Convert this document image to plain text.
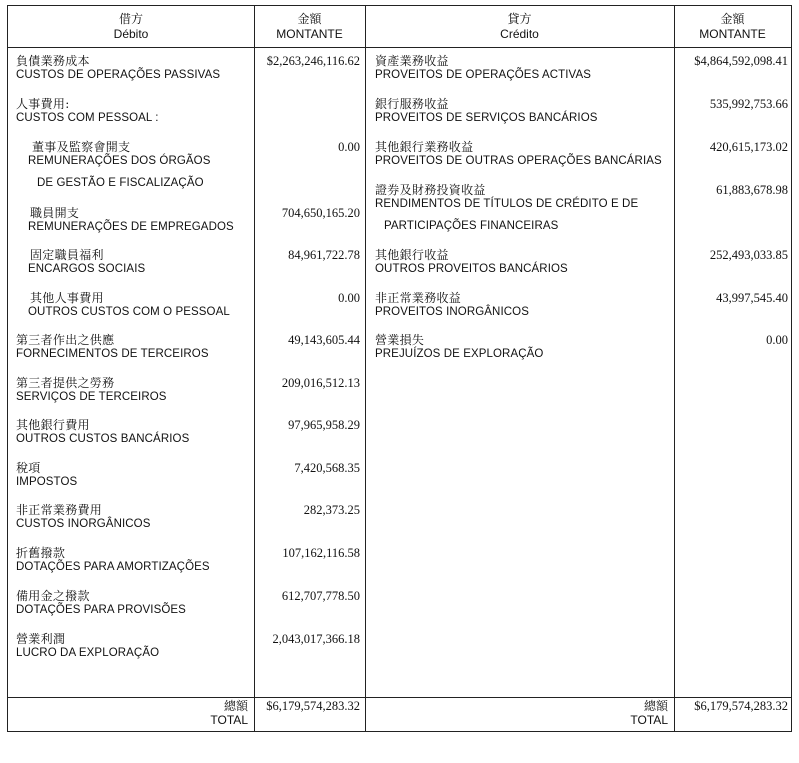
借方
Débito
金額
MONTANTE
貸方
Crédito
金額
MONTANTE
負債業務成本
CUSTOS DE OPERAÇÕES PASSIVAS
人事費用:
CUSTOS COM PESSOAL :
董事及監察會開支
REMUNERAÇÕES DOS ÓRGÃOS
DE GESTÃO E FISCALIZAÇÃO
職員開支
REMUNERAÇÕES DE EMPREGADOS
固定職員福利
ENCARGOS SOCIAIS
其他人事費用
OUTROS CUSTOS COM O PESSOAL
第三者作出之供應
FORNECIMENTOS DE TERCEIROS
第三者提供之勞務
SERVIÇOS DE TERCEIROS
其他銀行費用
OUTROS CUSTOS BANCÁRIOS
稅項
IMPOSTOS
非正常業務費用
CUSTOS INORGÂNICOS
折舊撥款
DOTAÇÕES PARA AMORTIZAÇÕES
備用金之撥款
DOTAÇÕES PARA PROVISÕES
營業利潤
LUCRO DA EXPLORAÇÃO
$2,263,246,116.62
0.00
704,650,165.20
84,961,722.78
0.00
49,143,605.44
209,016,512.13
97,965,958.29
7,420,568.35
282,373.25
107,162,116.58
612,707,778.50
2,043,017,366.18
資產業務收益
PROVEITOS DE OPERAÇÕES ACTIVAS
銀行服務收益
PROVEITOS DE SERVIÇOS BANCÁRIOS
其他銀行業務收益
PROVEITOS DE OUTRAS OPERAÇÕES BANCÁRIAS
證券及財務投資收益
RENDIMENTOS DE TÍTULOS DE CRÉDITO E DE
PARTICIPAÇÕES FINANCEIRAS
其他銀行收益
OUTROS PROVEITOS BANCÁRIOS
非正常業務收益
PROVEITOS INORGÂNICOS
營業損失
PREJUÍZOS DE EXPLORAÇÃO
$4,864,592,098.41
535,992,753.66
420,615,173.02
61,883,678.98
252,493,033.85
43,997,545.40
0.00
總額
TOTAL
$6,179,574,283.32	總額
TOTAL
$6,179,574,283.32
